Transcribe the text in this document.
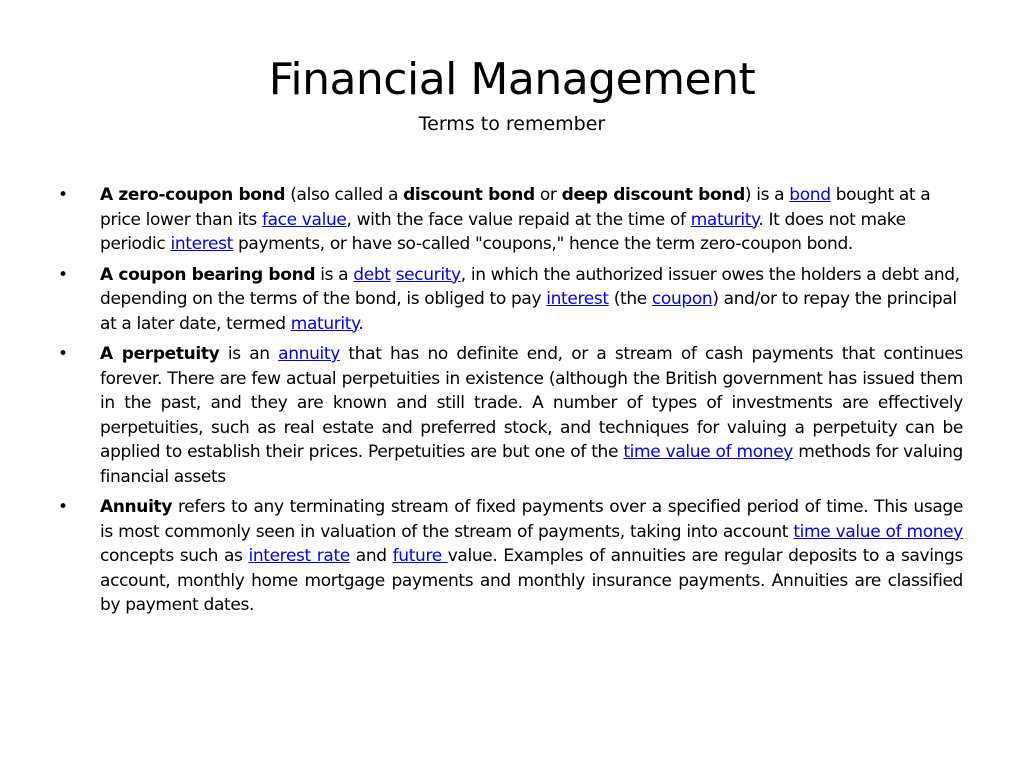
Financial Management
Terms to remember
•	A zero-coupon bond (also called a discount bond or deep discount bond) is a bond bought at a price lower than its face value, with the face value repaid at the time of maturity. It does not make periodic interest payments, or have so-called "coupons," hence the term zero-coupon bond.
•	A coupon bearing bond is a debt security, in which the authorized issuer owes the holders a debt and, depending on the terms of the bond, is obliged to pay interest (the coupon) and/or to repay the principal at a later date, termed maturity.
•	A perpetuity is an annuity that has no definite end, or a stream of cash payments that continues forever. There are few actual perpetuities in existence (although the British government has issued them in the past, and they are known and still trade. A number of types of investments are effectively perpetuities, such as real estate and preferred stock, and techniques for valuing a perpetuity can be applied to establish their prices. Perpetuities are but one of the time value of money methods for valuing financial assets
•	Annuity refers to any terminating stream of fixed payments over a specified period of time. This usage is most commonly seen in valuation of the stream of payments, taking into account time value of money concepts such as interest rate and future value. Examples of annuities are regular deposits to a savings account, monthly home mortgage payments and monthly insurance payments. Annuities are classified by payment dates.
